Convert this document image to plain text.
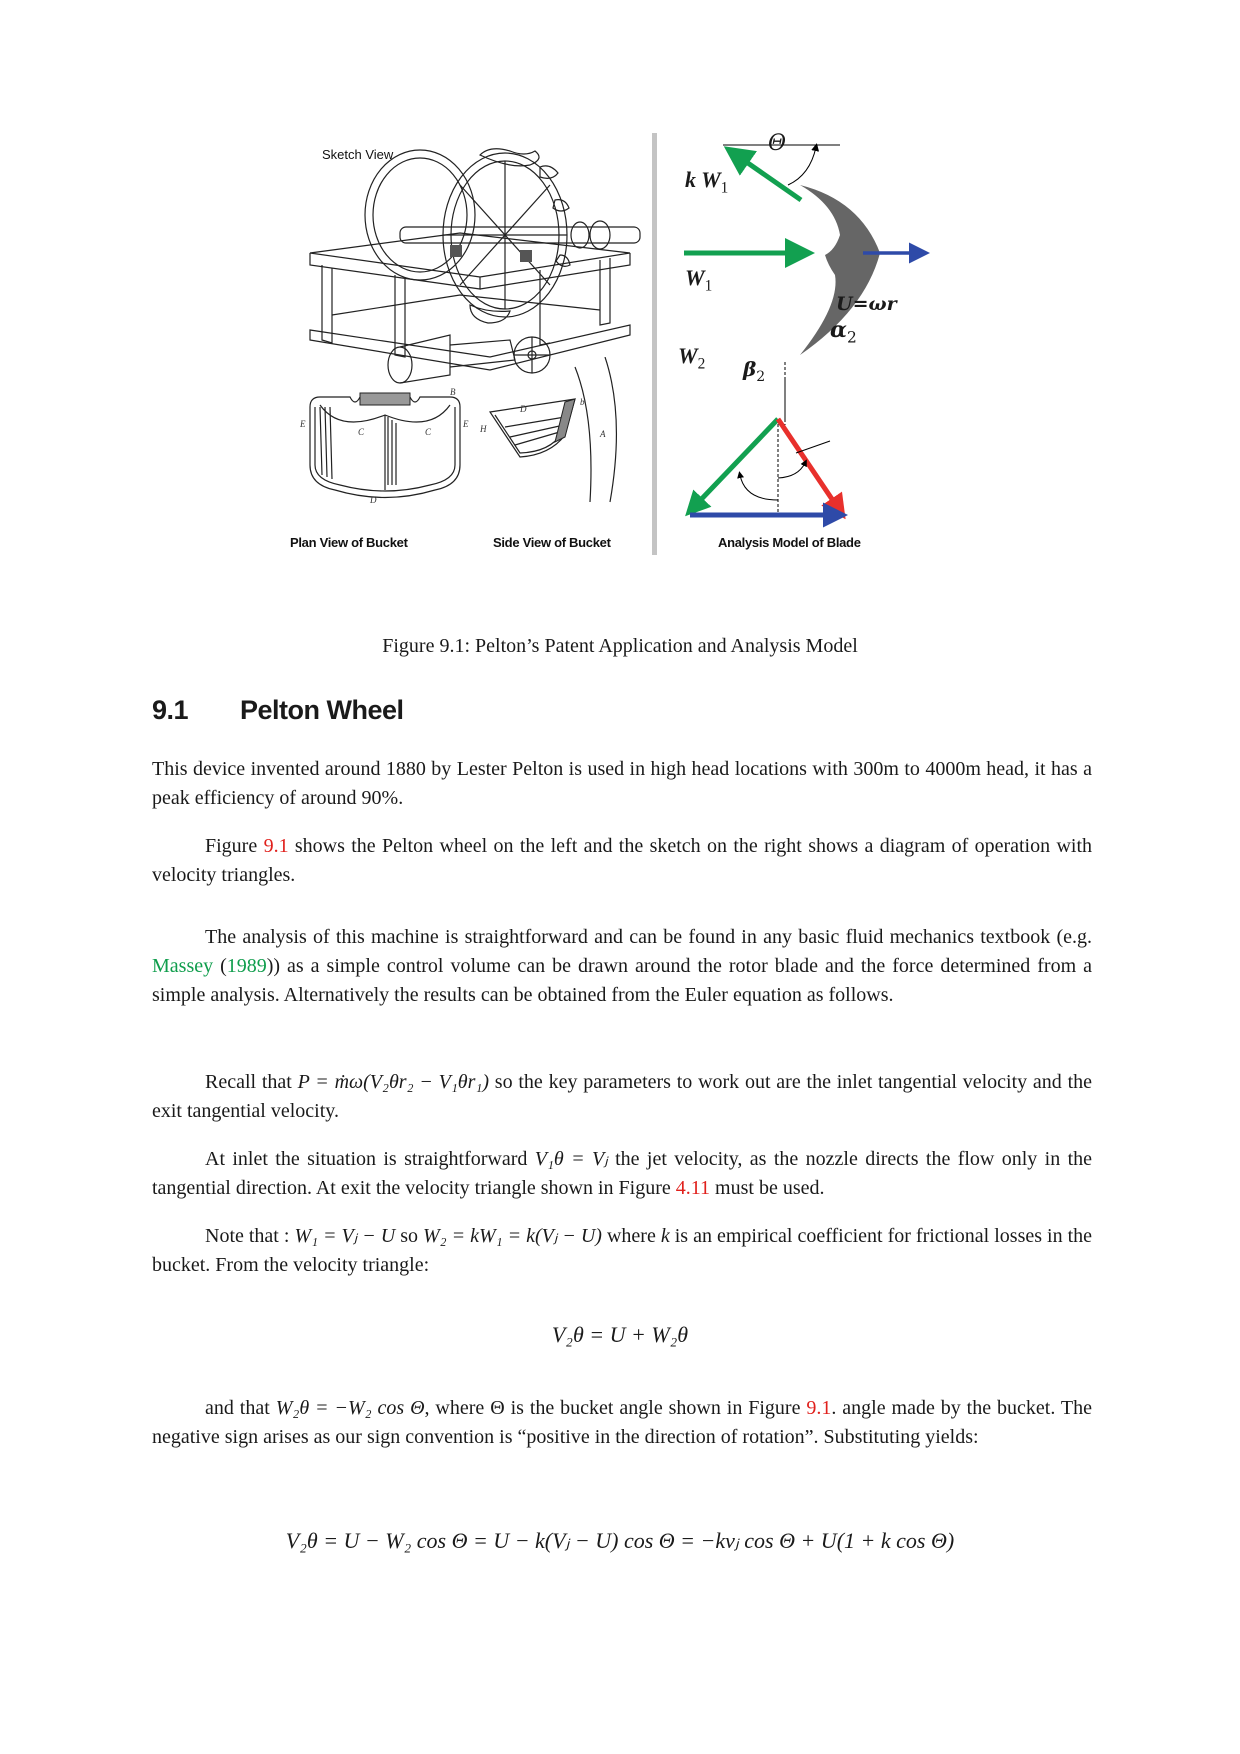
Sketch View
C	C
E	E
B
D
D
b
A
H
Plan View of Bucket	Side View of Bucket
Θ
k $W_1$
$W_1$
U=ωr
$W_2$
$\alpha_2$
$\beta_2$
Analysis Model of Blade
Figure 9.1: Pelton’s Patent Application and Analysis Model
9.1 Pelton Wheel

This device invented around 1880 by Lester Pelton is used in high head locations with 300m to 4000m head, it has a peak efficiency of around 90%.

Figure 9.1 shows the Pelton wheel on the left and the sketch on the right shows a diagram of operation with velocity triangles.

The analysis of this machine is straightforward and can be found in any basic fluid mechanics textbook (e.g. Massey (1989)) as a simple control volume can be drawn around the rotor blade and the force determined from a simple analysis. Alternatively the results can be obtained from the Euler equation as follows.

Recall that P = ṁω(V₂θr₂ − V₁θr₁) so the key parameters to work out are the inlet tangential velocity and the exit tangential velocity.

At inlet the situation is straightforward V₁θ = Vⱼ the jet velocity, as the nozzle directs the flow only in the tangential direction. At exit the velocity triangle shown in Figure 4.11 must be used.

Note that : W₁ = Vⱼ − U so W₂ = kW₁ = k(Vⱼ − U) where k is an empirical coefficient for frictional losses in the bucket. From the velocity triangle:

V₂θ = U + W₂θ

and that W₂θ = −W₂ cos Θ, where Θ is the bucket angle shown in Figure 9.1. angle made by the bucket. The negative sign arises as our sign convention is “positive in the direction of rotation”. Substituting yields:

V₂θ = U − W₂ cos Θ = U − k(Vⱼ − U) cos Θ = −kvⱼ cos Θ + U(1 + k cos Θ)
